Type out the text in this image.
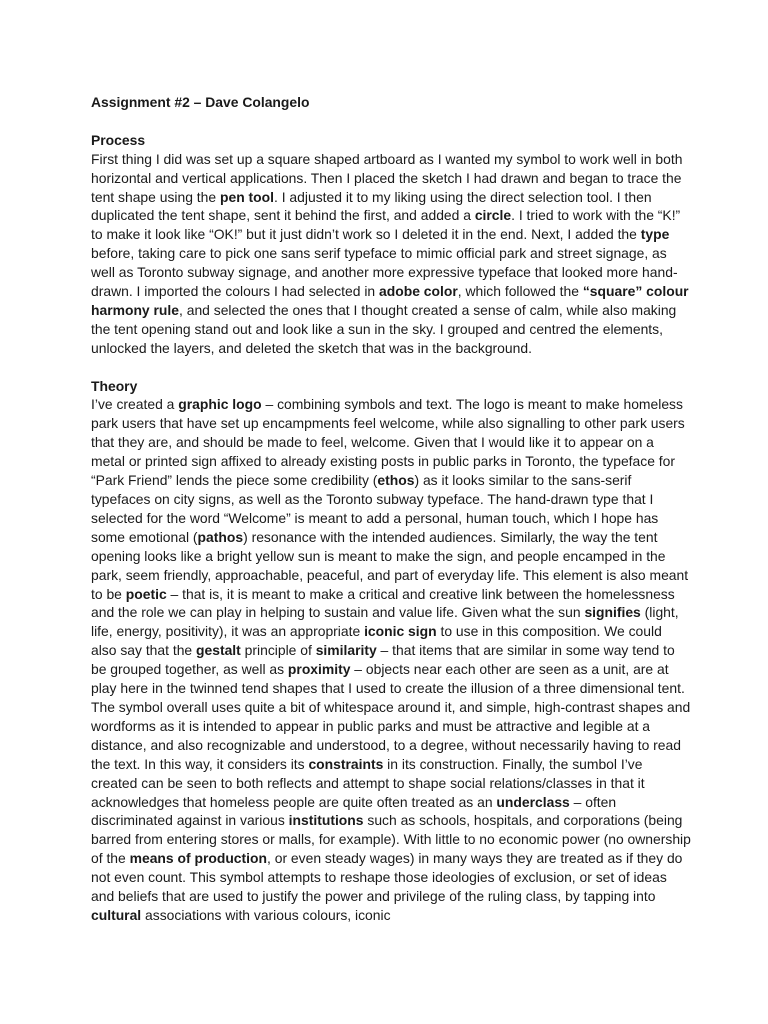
Assignment #2 – Dave Colangelo

Process

First thing I did was set up a square shaped artboard as I wanted my symbol to work well in both horizontal and vertical applications. Then I placed the sketch I had drawn and began to trace the tent shape using the pen tool. I adjusted it to my liking using the direct selection tool. I then duplicated the tent shape, sent it behind the first, and added a circle. I tried to work with the “K!” to make it look like “OK!” but it just didn’t work so I deleted it in the end. Next, I added the type before, taking care to pick one sans serif typeface to mimic official park and street signage, as well as Toronto subway signage, and another more expressive typeface that looked more hand-drawn. I imported the colours I had selected in adobe color, which followed the “square” colour harmony rule, and selected the ones that I thought created a sense of calm, while also making the tent opening stand out and look like a sun in the sky. I grouped and centred the elements, unlocked the layers, and deleted the sketch that was in the background.

Theory

I’ve created a graphic logo – combining symbols and text. The logo is meant to make homeless park users that have set up encampments feel welcome, while also signalling to other park users that they are, and should be made to feel, welcome. Given that I would like it to appear on a metal or printed sign affixed to already existing posts in public parks in Toronto, the typeface for “Park Friend” lends the piece some credibility (ethos) as it looks similar to the sans-serif typefaces on city signs, as well as the Toronto subway typeface. The hand-drawn type that I selected for the word “Welcome” is meant to add a personal, human touch, which I hope has some emotional (pathos) resonance with the intended audiences. Similarly, the way the tent opening looks like a bright yellow sun is meant to make the sign, and people encamped in the park, seem friendly, approachable, peaceful, and part of everyday life. This element is also meant to be poetic – that is, it is meant to make a critical and creative link between the homelessness and the role we can play in helping to sustain and value life. Given what the sun signifies (light, life, energy, positivity), it was an appropriate iconic sign to use in this composition. We could also say that the gestalt principle of similarity – that items that are similar in some way tend to be grouped together, as well as proximity – objects near each other are seen as a unit, are at play here in the twinned tend shapes that I used to create the illusion of a three dimensional tent. The symbol overall uses quite a bit of whitespace around it, and simple, high-contrast shapes and wordforms as it is intended to appear in public parks and must be attractive and legible at a distance, and also recognizable and understood, to a degree, without necessarily having to read the text. In this way, it considers its constraints in its construction. Finally, the sumbol I’ve created can be seen to both reflects and attempt to shape social relations/classes in that it acknowledges that homeless people are quite often treated as an underclass – often discriminated against in various institutions such as schools, hospitals, and corporations (being barred from entering stores or malls, for example). With little to no economic power (no ownership of the means of production, or even steady wages) in many ways they are treated as if they do not even count. This symbol attempts to reshape those ideologies of exclusion, or set of ideas and beliefs that are used to justify the power and privilege of the ruling class, by tapping into cultural associations with various colours, iconic
